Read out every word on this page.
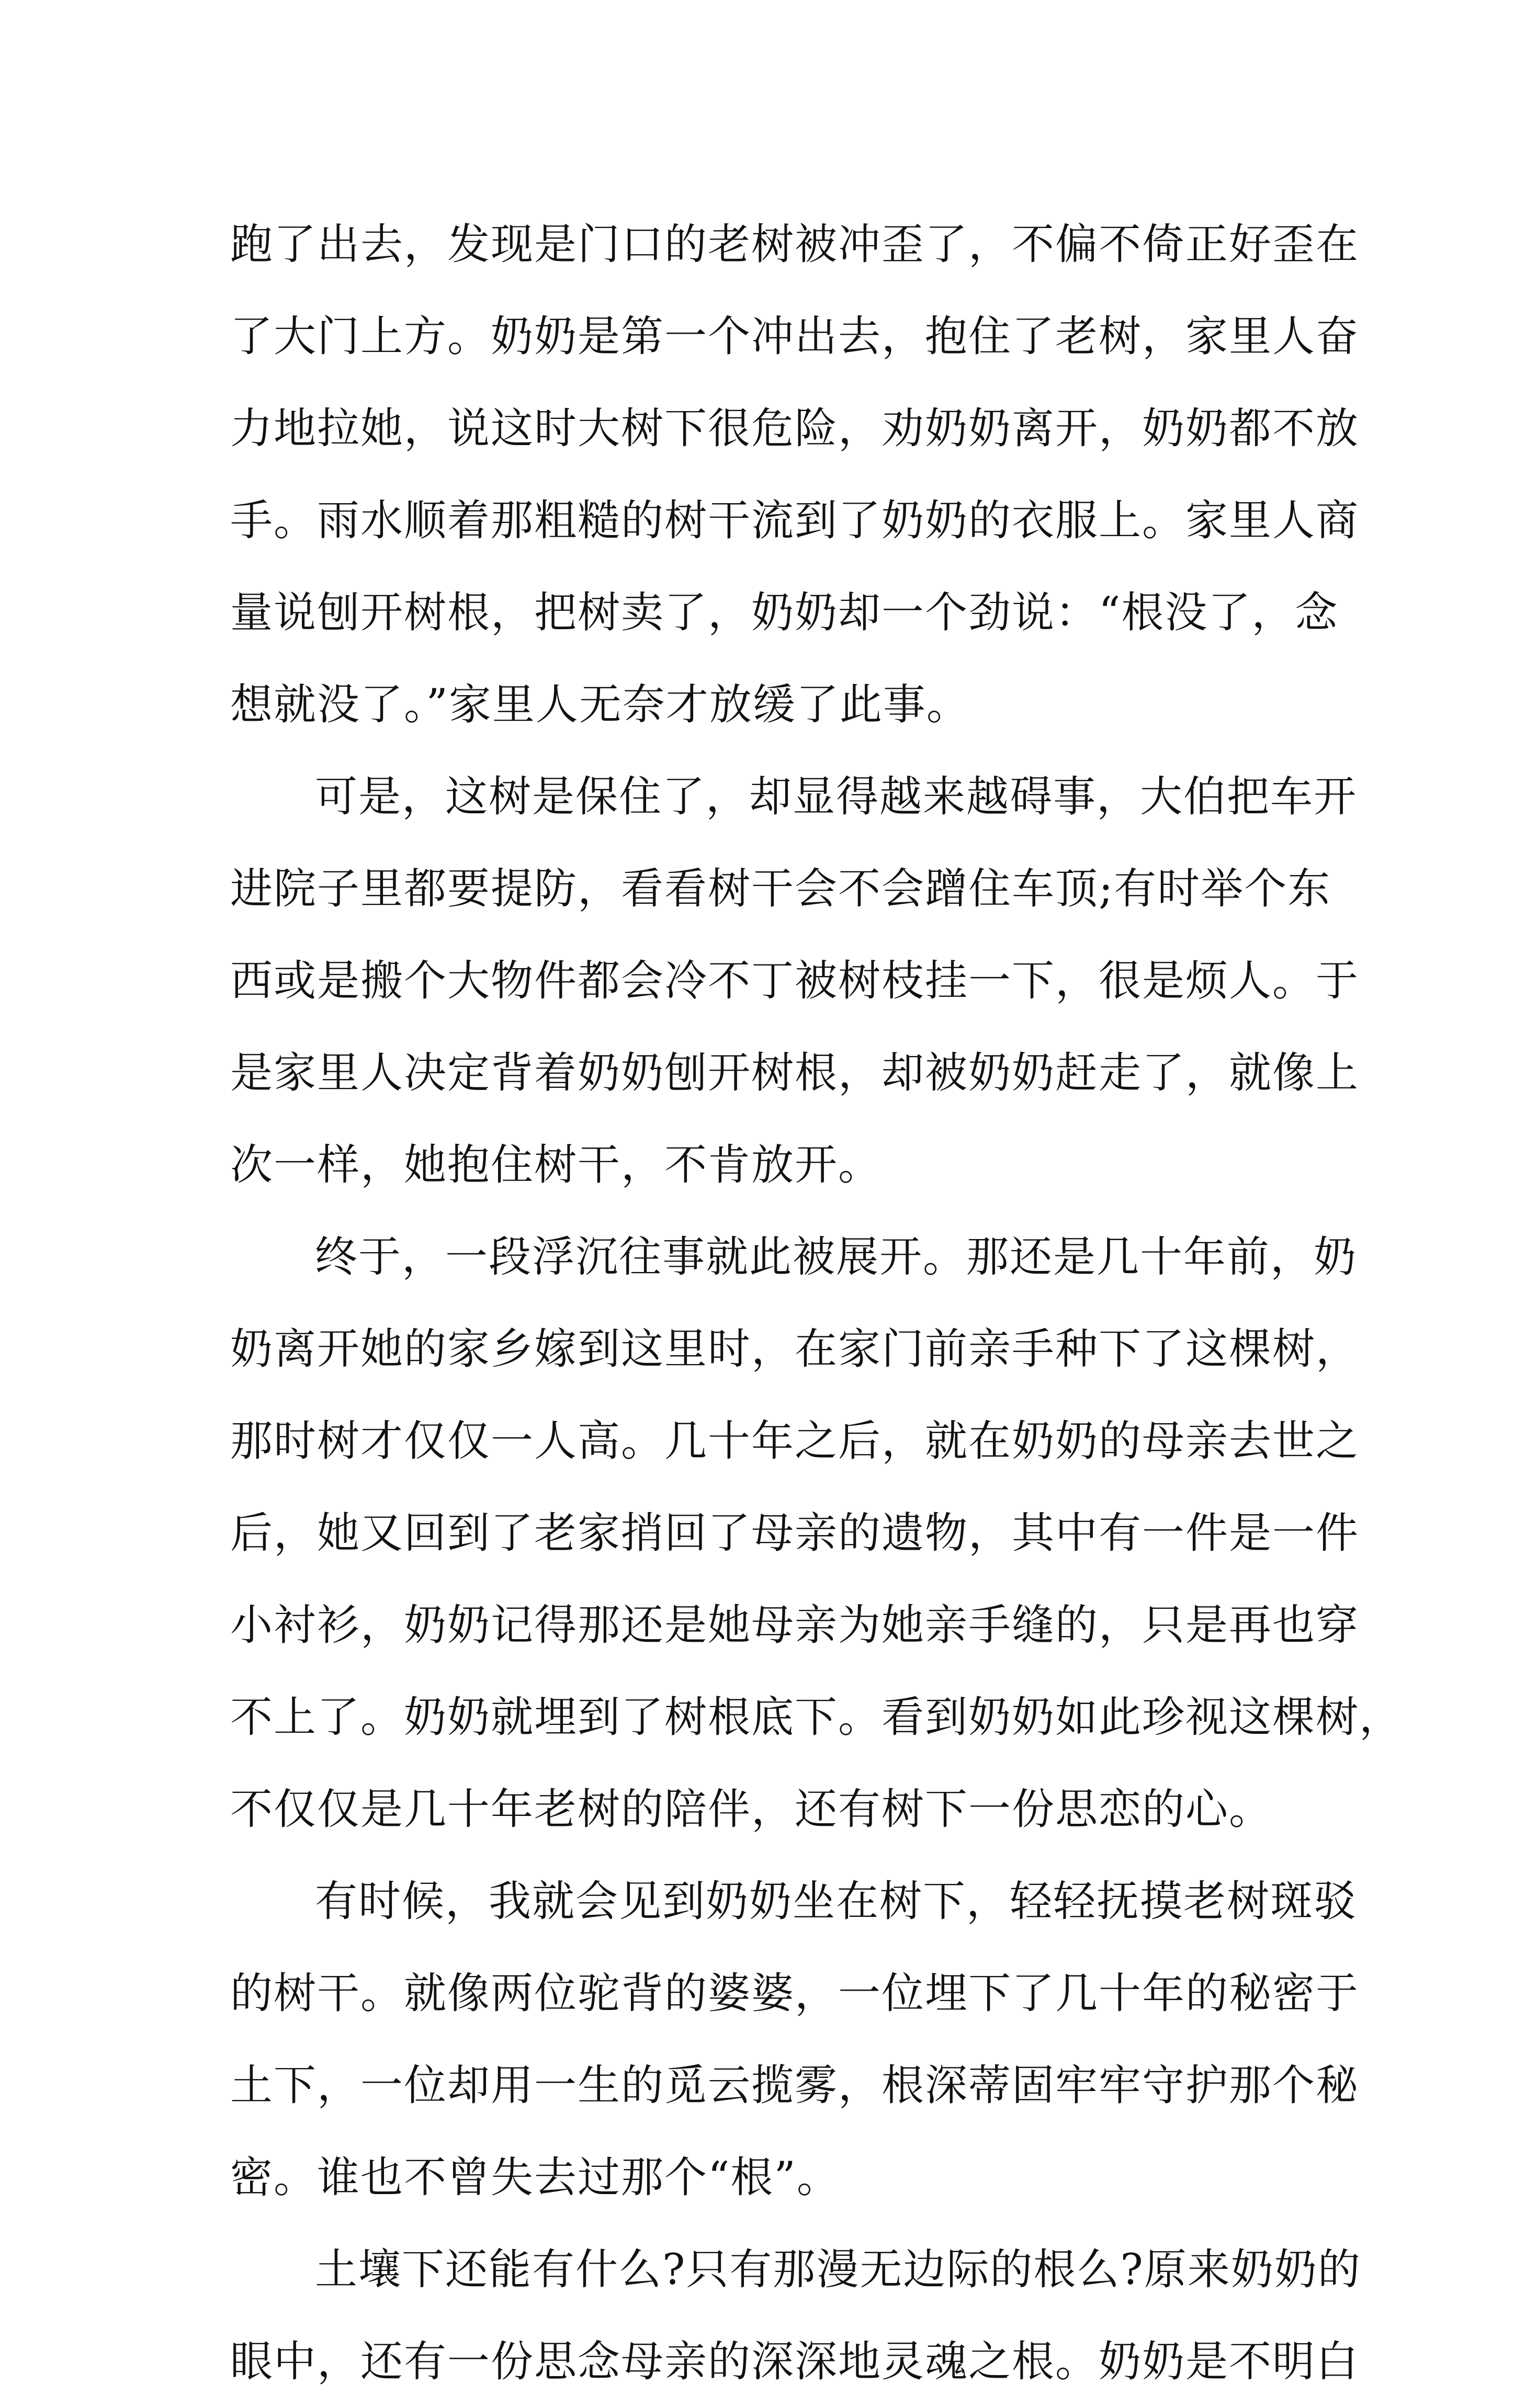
跑了出去，发现是门口的老树被冲歪了，不偏不倚正好歪在
了大门上方。奶奶是第一个冲出去，抱住了老树，家里人奋
力地拉她，说这时大树下很危险，劝奶奶离开，奶奶都不放
手。雨水顺着那粗糙的树干流到了奶奶的衣服上。家里人商
量说刨开树根，把树卖了，奶奶却一个劲说：“根没了，念
想就没了。”家里人无奈才放缓了此事。
可是，这树是保住了，却显得越来越碍事，大伯把车开
进院子里都要提防，看看树干会不会蹭住车顶;有时举个东
西或是搬个大物件都会冷不丁被树枝挂一下，很是烦人。于
是家里人决定背着奶奶刨开树根，却被奶奶赶走了，就像上
次一样，她抱住树干，不肯放开。
终于，一段浮沉往事就此被展开。那还是几十年前，奶
奶离开她的家乡嫁到这里时，在家门前亲手种下了这棵树，
那时树才仅仅一人高。几十年之后，就在奶奶的母亲去世之
后，她又回到了老家捎回了母亲的遗物，其中有一件是一件
小衬衫，奶奶记得那还是她母亲为她亲手缝的，只是再也穿
不上了。奶奶就埋到了树根底下。看到奶奶如此珍视这棵树，
不仅仅是几十年老树的陪伴，还有树下一份思恋的心。
有时候，我就会见到奶奶坐在树下，轻轻抚摸老树斑驳
的树干。就像两位驼背的婆婆，一位埋下了几十年的秘密于
土下，一位却用一生的觅云揽雾，根深蒂固牢牢守护那个秘
密。谁也不曾失去过那个“根”。
土壤下还能有什么?只有那漫无边际的根么?原来奶奶的
眼中，还有一份思念母亲的深深地灵魂之根。奶奶是不明白
